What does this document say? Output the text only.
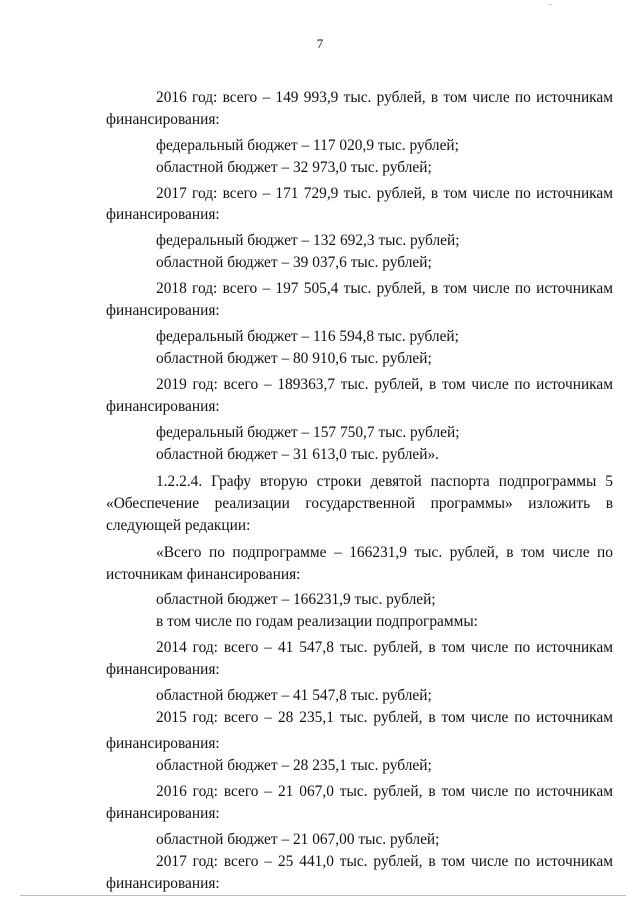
7
2016 год: всего – 149 993,9 тыс. рублей, в том числе по источникам
финансирования:
федеральный бюджет – 117 020,9 тыс. рублей;
областной бюджет – 32 973,0 тыс. рублей;
2017 год: всего – 171 729,9 тыс. рублей, в том числе по источникам
финансирования:
федеральный бюджет – 132 692,3 тыс. рублей;
областной бюджет – 39 037,6 тыс. рублей;
2018 год: всего – 197 505,4 тыс. рублей, в том числе по источникам
финансирования:
федеральный бюджет – 116 594,8 тыс. рублей;
областной бюджет – 80 910,6 тыс. рублей;
2019 год: всего – 189363,7 тыс. рублей, в том числе по источникам
финансирования:
федеральный бюджет – 157 750,7 тыс. рублей;
областной бюджет – 31 613,0 тыс. рублей».
1.2.2.4. Графу вторую строки девятой паспорта подпрограммы 5
«Обеспечение реализации государственной программы» изложить в
следующей редакции:
«Всего по подпрограмме – 166231,9 тыс. рублей, в том числе по
источникам финансирования:
областной бюджет – 166231,9 тыс. рублей;
в том числе по годам реализации подпрограммы:
2014 год: всего – 41 547,8 тыс. рублей, в том числе по источникам
финансирования:
областной бюджет – 41 547,8 тыс. рублей;
2015 год: всего – 28 235,1 тыс. рублей, в том числе по источникам
финансирования:
областной бюджет – 28 235,1 тыс. рублей;
2016 год: всего – 21 067,0 тыс. рублей, в том числе по источникам
финансирования:
областной бюджет – 21 067,00 тыс. рублей;
2017 год: всего – 25 441,0 тыс. рублей, в том числе по источникам
финансирования:
